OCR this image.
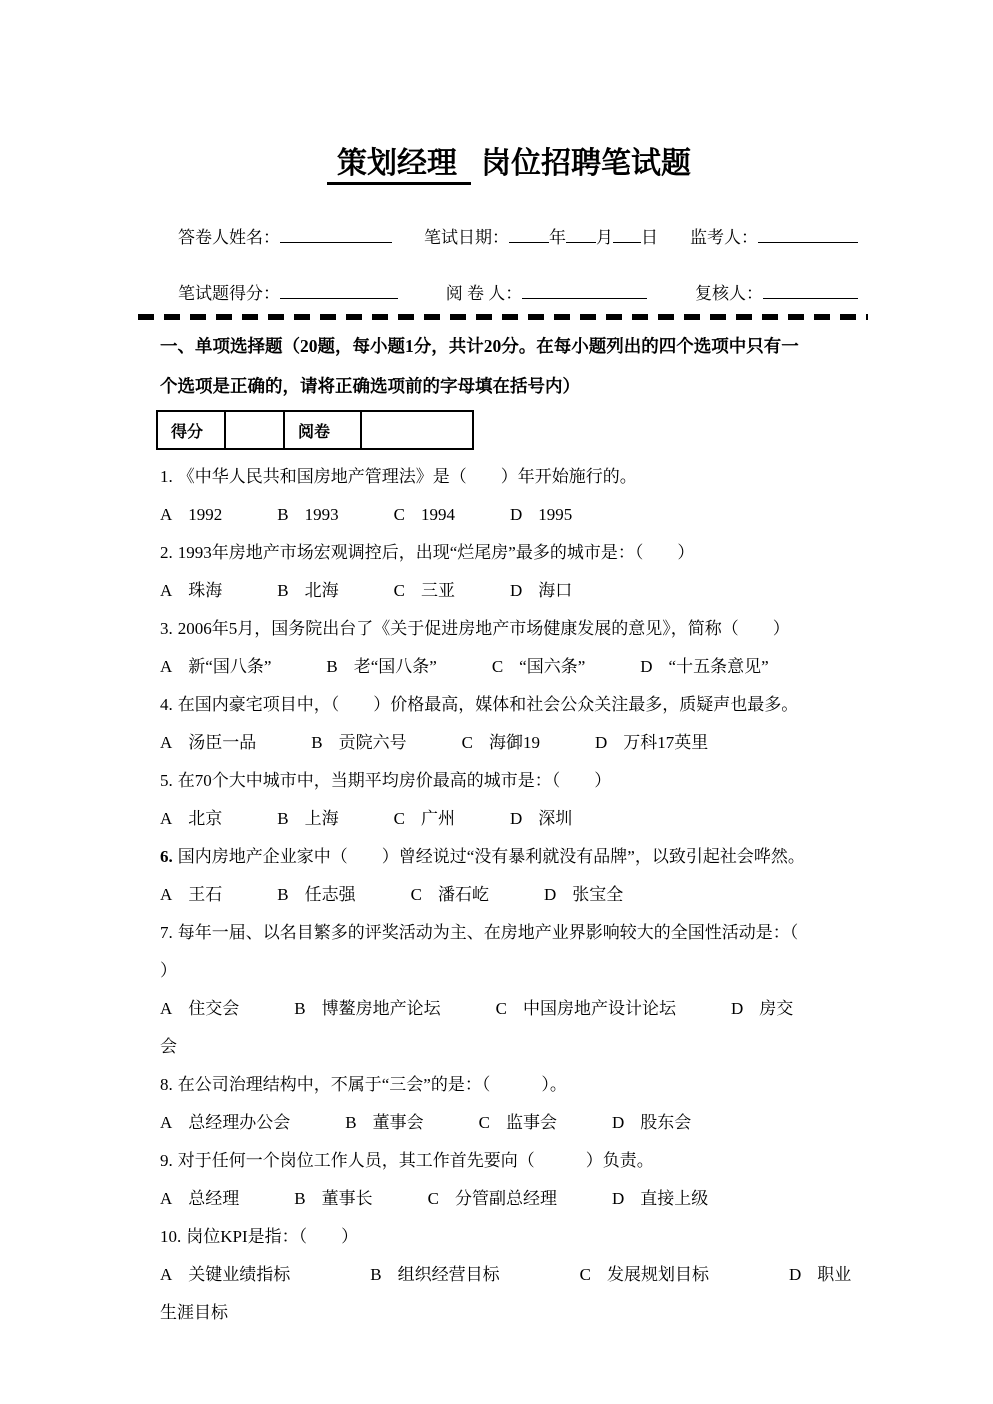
策划经理 岗位招聘笔试题
答卷人姓名：	笔试日期： 年 月 日 监考人：
笔试题得分：	阅 卷 人：	复核人：
一、单项选择题（20题，每小题1分，共计20分。在每小题列出的四个选项中只有一
个选项是正确的，请将正确选项前的字母填在括号内）
得分		阅卷	
1. 《中华人民共和国房地产管理法》是（　　）年开始施行的。
A 1992	B 1993	C 1994	D 1995
2. 1993年房地产市场宏观调控后，出现“烂尾房”最多的城市是：（　　）
A 珠海	B 北海	C 三亚	D 海口
3. 2006年5月，国务院出台了《关于促进房地产市场健康发展的意见》，简称（　　）
A 新“国八条”	B 老“国八条”	C “国六条”	D “十五条意见”
4. 在国内豪宅项目中，（　　）价格最高，媒体和社会公众关注最多，质疑声也最多。
A 汤臣一品	B 贡院六号	C 海御19	D 万科17英里
5. 在70个大中城市中，当期平均房价最高的城市是：（　　）
A 北京	B 上海	C 广州	D 深圳
6. 国内房地产企业家中（　　）曾经说过“没有暴利就没有品牌”，以致引起社会哗然。
A 王石	B 任志强	C 潘石屹	D 张宝全
7. 每年一届、以名目繁多的评奖活动为主、在房地产业界影响较大的全国性活动是：（
）
A 住交会	B 博鳌房地产论坛	C 中国房地产设计论坛	D 房交会
8. 在公司治理结构中，不属于“三会”的是：（　　　）。
A 总经理办公会	B 董事会	C 监事会	D 股东会
9. 对于任何一个岗位工作人员，其工作首先要向（　　　）负责。
A 总经理	B 董事长	C 分管副总经理	D 直接上级
10. 岗位KPI是指：（　　）
A 关键业绩指标	B 组织经营目标	C 发展规划目标	D 职业生涯目标
